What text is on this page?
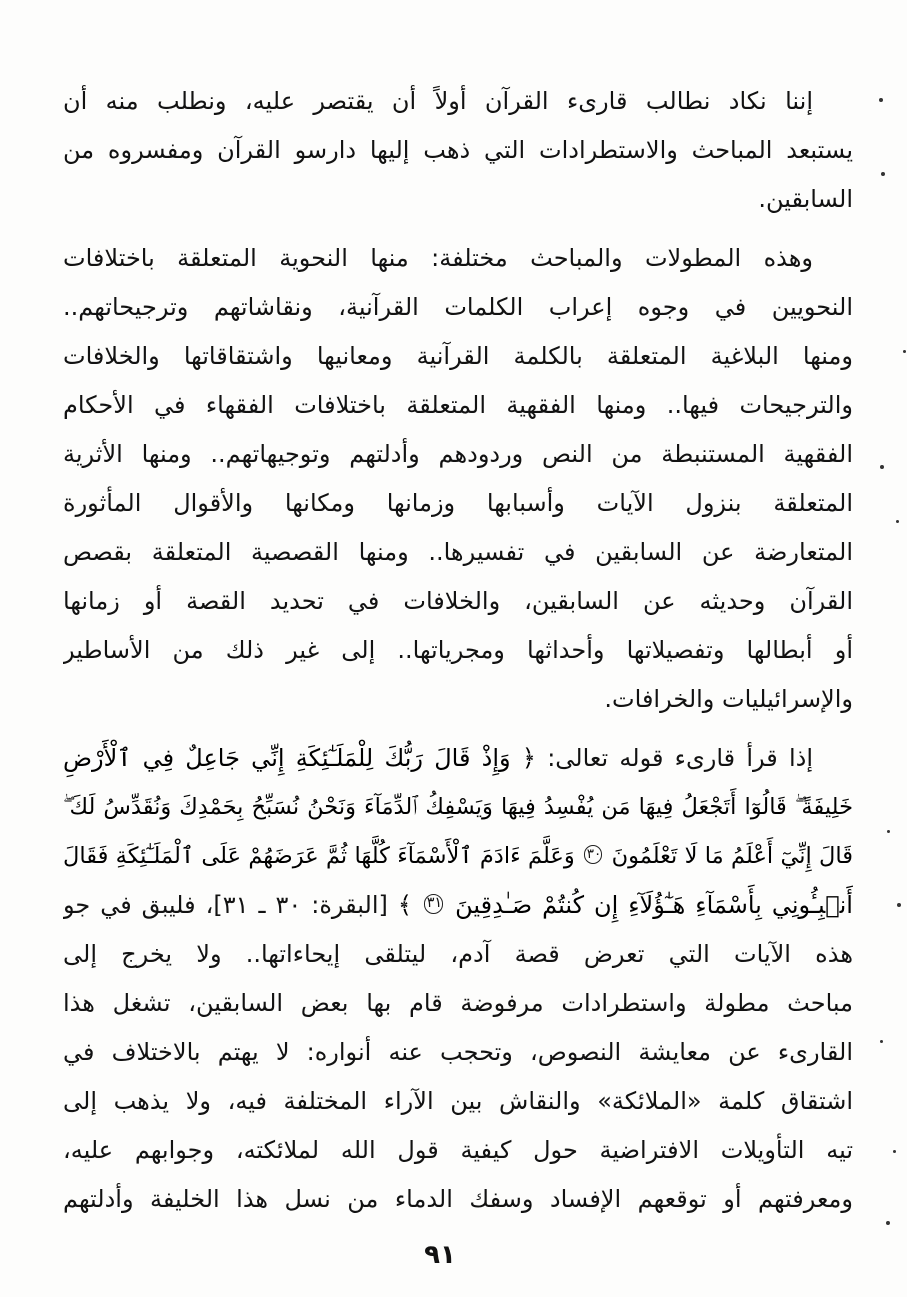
إننا نكاد نطالب قارىء القرآن أولاً أن يقتصر عليه، ونطلب منه أن
يستبعد المباحث والاستطرادات التي ذهب إليها دارسو القرآن ومفسروه من
السابقين.
وهذه المطولات والمباحث مختلفة: منها النحوية المتعلقة باختلافات
النحويين في وجوه إعراب الكلمات القرآنية، ونقاشاتهم وترجيحاتهم..
ومنها البلاغية المتعلقة بالكلمة القرآنية ومعانيها واشتقاقاتها والخلافات
والترجيحات فيها.. ومنها الفقهية المتعلقة باختلافات الفقهاء في الأحكام
الفقهية المستنبطة من النص وردودهم وأدلتهم وتوجيهاتهم.. ومنها الأثرية
المتعلقة بنزول الآيات وأسبابها وزمانها ومكانها والأقوال المأثورة
المتعارضة عن السابقين في تفسيرها.. ومنها القصصية المتعلقة بقصص
القرآن وحديثه عن السابقين، والخلافات في تحديد القصة أو زمانها
أو أبطالها وتفصيلاتها وأحداثها ومجرياتها.. إلى غير ذلك من الأساطير
والإسرائيليات والخرافات.
إذا قرأ قارىء قوله تعالى: ﴿ وَإِذْ قَالَ رَبُّكَ لِلْمَلَـٰٓئِكَةِ إِنِّي جَاعِلٌ فِي ٱلْأَرْضِ
خَلِيفَةً ۖ قَالُوٓا أَتَجْعَلُ فِيهَا مَن يُفْسِدُ فِيهَا وَيَسْفِكُ ٱلدِّمَآءَ وَنَحْنُ نُسَبِّحُ بِحَمْدِكَ وَنُقَدِّسُ لَكَ ۖ
قَالَ إِنِّيٓ أَعْلَمُ مَا لَا تَعْلَمُونَ ٣٠ وَعَلَّمَ ءَادَمَ ٱلْأَسْمَآءَ كُلَّهَا ثُمَّ عَرَضَهُمْ عَلَى ٱلْمَلَـٰٓئِكَةِ فَقَالَ
أَنۢبِـُٔونِي بِأَسْمَآءِ هَـٰٓؤُلَآءِ إِن كُنتُمْ صَـٰدِقِينَ ٣١ ﴾ [البقرة: ٣٠ ـ ٣١]، فليبق في جو
هذه الآيات التي تعرض قصة آدم، ليتلقى إيحاءاتها.. ولا يخرج إلى
مباحث مطولة واستطرادات مرفوضة قام بها بعض السابقين، تشغل هذا
القارىء عن معايشة النصوص، وتحجب عنه أنواره: لا يهتم بالاختلاف في
اشتقاق كلمة «الملائكة» والنقاش بين الآراء المختلفة فيه، ولا يذهب إلى
تيه التأويلات الافتراضية حول كيفية قول الله لملائكته، وجوابهم عليه،
ومعرفتهم أو توقعهم الإفساد وسفك الدماء من نسل هذا الخليفة وأدلتهم
٩١
